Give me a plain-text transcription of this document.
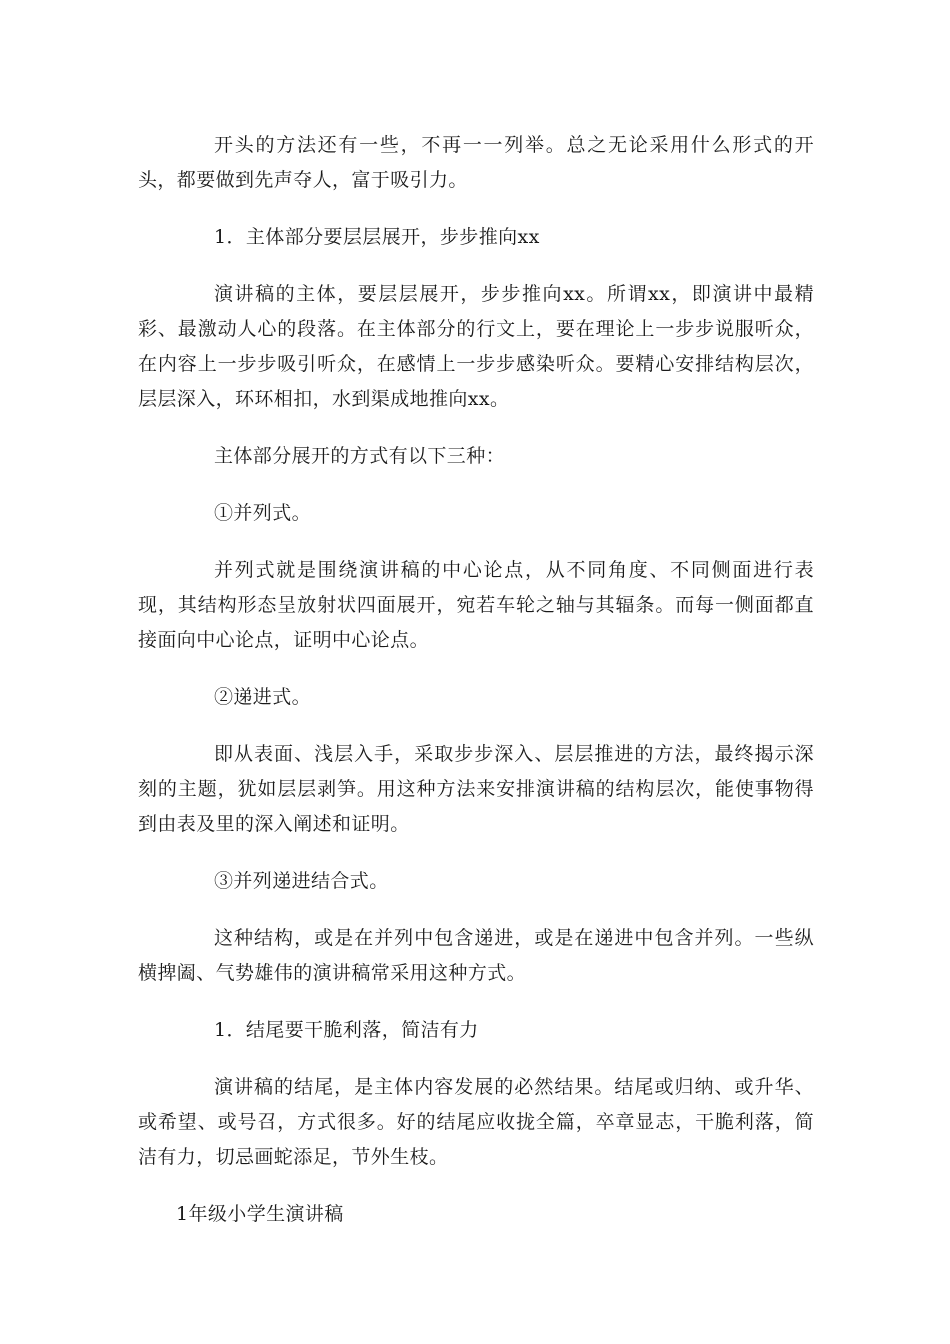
开头的方法还有一些，不再一一列举。总之无论采用什么形式的开头，都要做到先声夺人，富于吸引力。

1．主体部分要层层展开，步步推向xx

演讲稿的主体，要层层展开，步步推向xx。所谓xx，即演讲中最精彩、最激动人心的段落。在主体部分的行文上，要在理论上一步步说服听众，在内容上一步步吸引听众，在感情上一步步感染听众。要精心安排结构层次，层层深入，环环相扣，水到渠成地推向xx。

主体部分展开的方式有以下三种：

①并列式。

并列式就是围绕演讲稿的中心论点，从不同角度、不同侧面进行表现，其结构形态呈放射状四面展开，宛若车轮之轴与其辐条。而每一侧面都直接面向中心论点，证明中心论点。

②递进式。

即从表面、浅层入手，采取步步深入、层层推进的方法，最终揭示深刻的主题，犹如层层剥笋。用这种方法来安排演讲稿的结构层次，能使事物得到由表及里的深入阐述和证明。

③并列递进结合式。

这种结构，或是在并列中包含递进，或是在递进中包含并列。一些纵横捭阖、气势雄伟的演讲稿常采用这种方式。

1．结尾要干脆利落，简洁有力

演讲稿的结尾，是主体内容发展的必然结果。结尾或归纳、或升华、或希望、或号召，方式很多。好的结尾应收拢全篇，卒章显志，干脆利落，简洁有力，切忌画蛇添足，节外生枝。

1年级小学生演讲稿
